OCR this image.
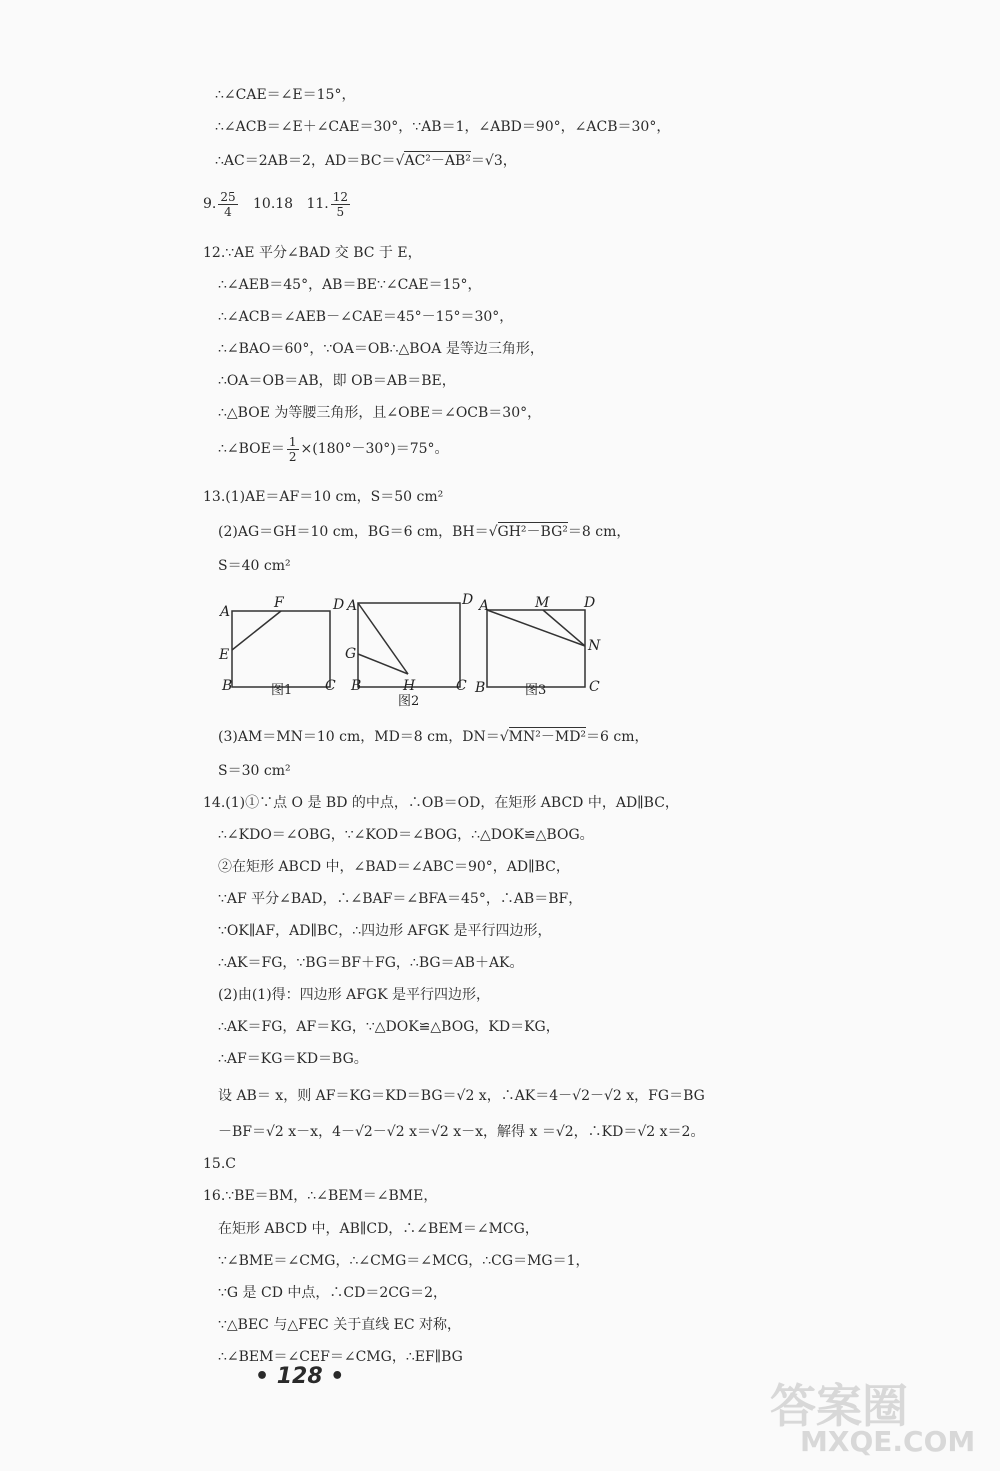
∴∠CAE＝∠E＝15°，
∴∠ACB＝∠E＋∠CAE＝30°，∵AB＝1，∠ABD＝90°，∠ACB＝30°，
∴AC＝2AB＝2，AD＝BC＝√AC²－AB²＝√3，
9. $\frac{25}{4} 10.18$ 11. $\frac{12}{5}$
12.∵AE 平分∠BAD 交 BC 于 E，
∴∠AEB＝45°，AB＝BE∵∠CAE＝15°，
∴∠ACB＝∠AEB－∠CAE＝45°－15°＝30°，
∴∠BAO＝60°，∵OA＝OB∴△BOA 是等边三角形，
∴OA＝OB＝AB，即 OB＝AB＝BE，
∴△BOE 为等腰三角形，且∠OBE＝∠OCB＝30°，
∴∠BOE＝ $\frac{1}{2} \times(180^\circ-30^\circ)=75^\circ$。
13.(1)AE＝AF＝10 cm，S＝50 cm²
(2)AG＝GH＝10 cm，BG＝6 cm，BH＝√GH²－BG²＝8 cm，
S＝40 cm²
A
F	D
E
B	C
图1
A	D
G
B	H	C
图2
A	M D
N
B	C
图3
(3)AM＝MN＝10 cm，MD＝8 cm，DN＝√MN²－MD²＝6 cm，
S＝30 cm²
14.(1)①∵点 O 是 BD 的中点，∴OB＝OD，在矩形 ABCD 中，AD∥BC，
∴∠KDO＝∠OBG，∵∠KOD＝∠BOG，∴△DOK≌△BOG。
②在矩形 ABCD 中，∠BAD＝∠ABC＝90°，AD∥BC，
∵AF 平分∠BAD，∴∠BAF＝∠BFA＝45°，∴AB＝BF，
∵OK∥AF，AD∥BC，∴四边形 AFGK 是平行四边形，
∴AK＝FG，∵BG＝BF＋FG，∴BG＝AB＋AK。
(2)由(1)得：四边形 AFGK 是平行四边形，
∴AK＝FG，AF＝KG，∵△DOK≌△BOG，KD＝KG，
∴AF＝KG＝KD＝BG。
设 AB＝ x，则 AF＝KG＝KD＝BG＝√2 x，∴AK＝4－√2－√2 x，FG＝BG
－BF＝√2 x－x，4－√2－√2 x＝√2 x－x，解得 x ＝√2，∴KD＝√2 x＝2。
15.C
16.∵BE＝BM，∴∠BEM＝∠BME，
在矩形 ABCD 中，AB∥CD，∴∠BEM＝∠MCG，
∵∠BME＝∠CMG，∴∠CMG＝∠MCG，∴CG＝MG＝1，
∵G 是 CD 中点，∴CD＝2CG＝2，
∵△BEC 与△FEC 关于直线 EC 对称，
∴∠BEM＝∠CEF＝∠CMG，∴EF∥BG
• 128 •
答案圈
MXQE.COM
